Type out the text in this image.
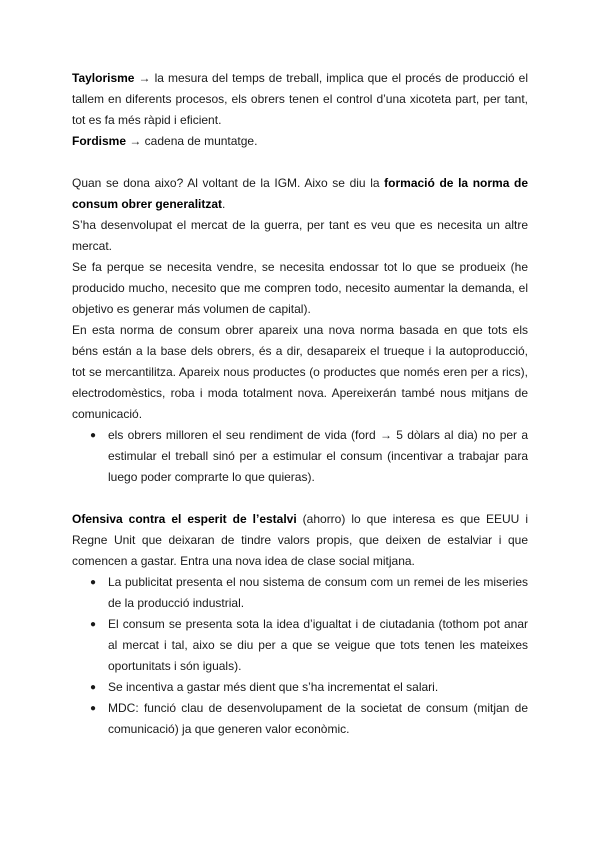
Taylorisme → la mesura del temps de treball, implica que el procés de producció el tallem en diferents procesos, els obrers tenen el control d’una xicoteta part, per tant, tot es fa més ràpid i eficient.

Fordisme → cadena de muntatge.

Quan se dona aixo? Al voltant de la IGM. Aixo se diu la formació de la norma de consum obrer generalitzat.

S’ha desenvolupat el mercat de la guerra, per tant es veu que es necesita un altre mercat.

Se fa perque se necesita vendre, se necesita endossar tot lo que se produeix (he producido mucho, necesito que me compren todo, necesito aumentar la demanda, el objetivo es generar más volumen de capital).

En esta norma de consum obrer apareix una nova norma basada en que tots els béns están a la base dels obrers, és a dir, desapareix el trueque i la autoproducció, tot se mercantilitza. Apareix nous productes (o productes que només eren per a rics), electrodomèstics, roba i moda totalment nova. Apereixerán també nous mitjans de comunicació.

● els obrers milloren el seu rendiment de vida (ford → 5 dòlars al dia) no per a estimular el treball sinó per a estimular el consum (incentivar a trabajar para luego poder comprarte lo que quieras).

Ofensiva contra el esperit de l’estalvi (ahorro) lo que interesa es que EEUU i Regne Unit que deixaran de tindre valors propis, que deixen de estalviar i que comencen a gastar. Entra una nova idea de clase social mitjana.

● La publicitat presenta el nou sistema de consum com un remei de les miseries de la producció industrial.
● El consum se presenta sota la idea d’igualtat i de ciutadania (tothom pot anar al mercat i tal, aixo se diu per a que se veigue que tots tenen les mateixes oportunitats i són iguals).
● Se incentiva a gastar més dient que s’ha incrementat el salari.
● MDC: funció clau de desenvolupament de la societat de consum (mitjan de comunicació) ja que generen valor econòmic.
